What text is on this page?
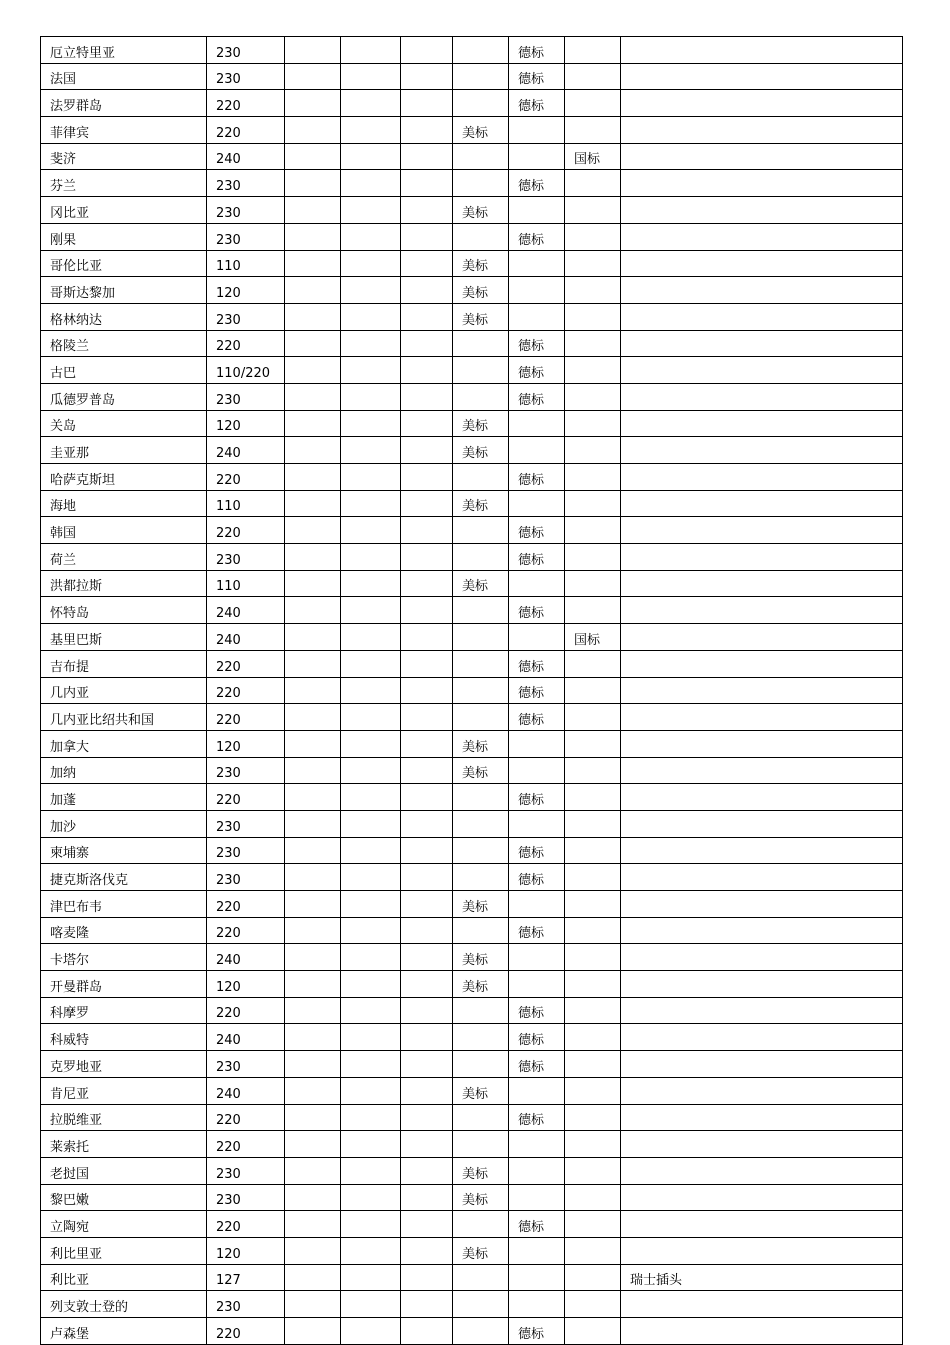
厄立特里亚	230					德标		
法国	230					德标		
法罗群岛	220					德标		
菲律宾	220				美标			
斐济	240						国标	
芬兰	230					德标		
冈比亚	230				美标			
刚果	230					德标		
哥伦比亚	110				美标			
哥斯达黎加	120				美标			
格林纳达	230				美标			
格陵兰	220					德标		
古巴	110/220					德标		
瓜德罗普岛	230					德标		
关岛	120				美标			
圭亚那	240				美标			
哈萨克斯坦	220					德标		
海地	110				美标			
韩国	220					德标		
荷兰	230					德标		
洪都拉斯	110				美标			
怀特岛	240					德标		
基里巴斯	240						国标	
吉布提	220					德标		
几内亚	220					德标		
几内亚比绍共和国	220					德标		
加拿大	120				美标			
加纳	230				美标			
加蓬	220					德标		
加沙	230							
柬埔寨	230					德标		
捷克斯洛伐克	230					德标		
津巴布韦	220				美标			
喀麦隆	220					德标		
卡塔尔	240				美标			
开曼群岛	120				美标			
科摩罗	220					德标		
科威特	240					德标		
克罗地亚	230					德标		
肯尼亚	240				美标			
拉脱维亚	220					德标		
莱索托	220							
老挝国	230				美标			
黎巴嫩	230				美标			
立陶宛	220					德标		
利比里亚	120				美标			
利比亚	127							瑞士插头
列支敦士登的	230							
卢森堡	220					德标		
